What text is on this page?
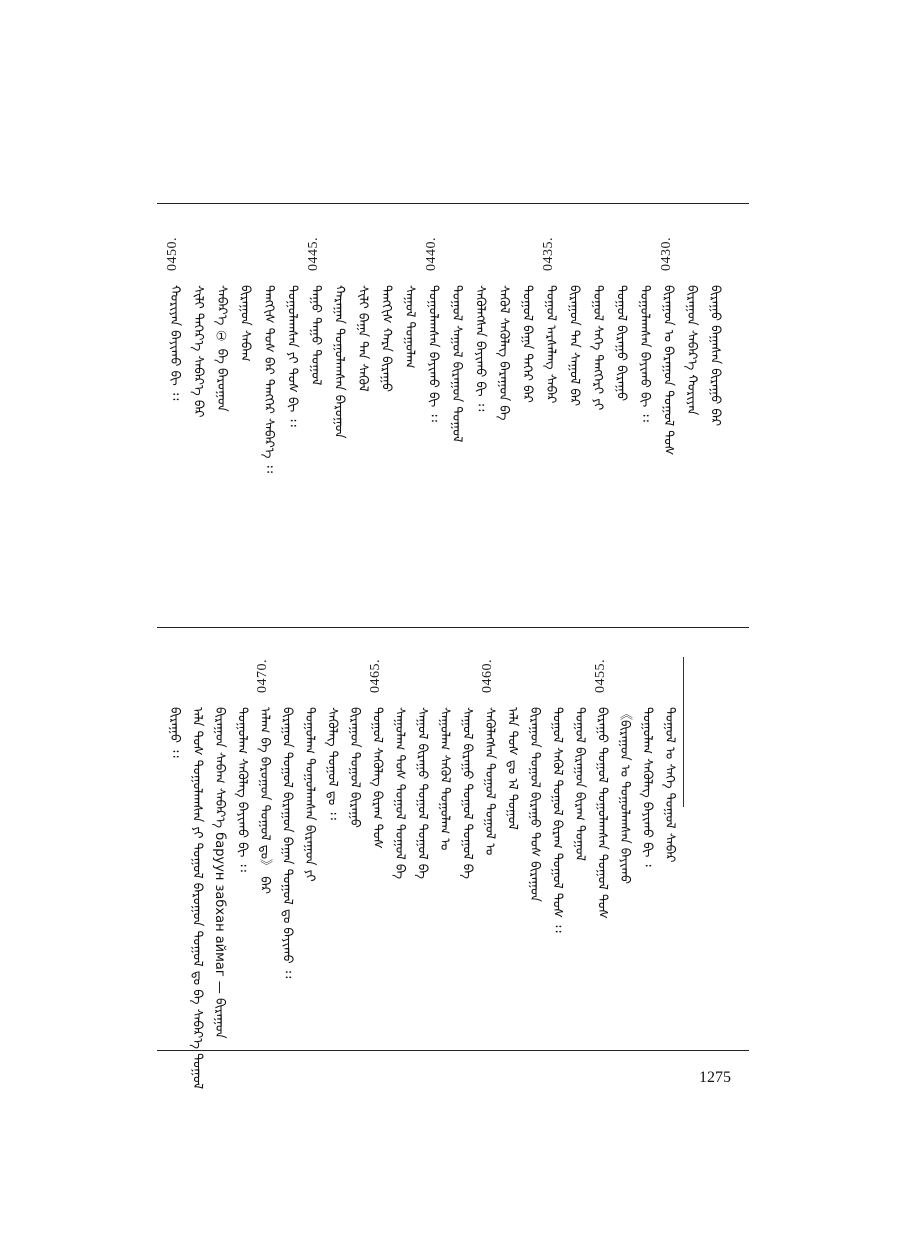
0450.
ᠬᠣᠷᠢᠶᠠᠨ ᠪᠠᠶᠢᠬᠤ ᠪᠢ ᠄᠄ ᠰᠢᠯᠢ ᠳᠡᠭᠡᠷ᠎ᠡ ᠰᠡᠪᠡᠷ᠎ᠡ ᠪᠡᠷ ᠰᠡᠪᠡᠷ᠎ᠡ ① ᠪᠡ ᠪᠠᠷᠤᠭᠤᠨ ᠪᠢᠷᠠᠭᠤᠨ ᠰᠠᠪᠠᠭ ᠲᠡᠩᠭᠢᠰ ᠲᠤᠰ ᠪᠡᠷ ᠲᠡᠩᠭᠡᠷ ᠰᠡᠪᠡᠷ᠎ᠡ ᠄᠄ ᠲᠤᠭᠤᠯᠠᠭᠰᠠᠨ ᠶᠢ ᠲᠤᠰ ᠪᠢ ᠄᠄
0445.
ᠳᠠᠭᠤ ᠳᠠᠭᠤ ᠲᠤᠭᠤᠯ ᠬᠠᠷᠠᠭᠠᠨ ᠲᠤᠭᠤᠯᠠᠭᠰᠠᠨ ᠪᠠᠷᠤᠭᠤᠨ ᠰᠢᠯᠢ ᠪᠠᠭᠠ ᠲᠠᠨ ᠰᠡᠭᠦᠯ ᠲᠡᠩᠭᠢᠰ ᠬᠠᠷᠠ ᠪᠢᠷᠠᠭᠤ ᠰᠠᠭᠤᠯ ᠲᠤᠭᠤᠯᠠᠭ
0440.
ᠲᠤᠭᠤᠯᠠᠭᠰᠠᠨ ᠪᠠᠶᠢᠬᠤ ᠪᠢ ᠄᠄ ᠲᠤᠭᠤᠯ ᠰᠠᠭᠤᠯ ᠪᠢᠷᠠᠭᠤᠨ ᠲᠤᠭᠤᠯ ᠰᠡᠭᠦᠯᠡᠭᠰᠡᠨ ᠪᠠᠶᠢᠬᠤ ᠪᠢ ᠄᠄ ᠰᠡᠭᠦᠯ ᠰᠡᠭᠦᠯᠡᠭ ᠪᠠᠷᠠᠭᠤᠨ ᠪᠡ ᠲᠤᠭᠤᠯ ᠪᠠᠭᠠ ᠲᠡᠭᠡᠷ ᠪᠡᠷ
0435.
ᠲᠤᠭᠤᠯ ᠠᠷᠰᠠᠯᠠᠩ ᠰᠡᠪᠡᠷ ᠪᠢᠷᠠᠭᠤᠨ ᠲᠠᠨ ᠰᠠᠭᠤᠯ ᠪᠡᠷ ᠲᠤᠭᠤᠯ ᠰᠡᠭᠡ ᠲᠡᠩᠭᠡᠷᠢ ᠶᠢ ᠲᠤᠭᠤᠯ ᠪᠢᠷᠠᠭᠤ ᠪᠢᠷᠠᠭᠤ ᠲᠤᠭᠤᠯᠠᠭᠰᠠᠨ ᠪᠠᠶᠢᠬᠤ ᠪᠢ ᠄᠄
0430.
ᠪᠢᠷᠠᠭᠤᠨ ᠤ ᠪᠠᠷᠠᠭᠤᠨ ᠲᠤᠭᠤᠯ ᠲᠤᠰ ᠪᠢᠷᠠᠭᠤᠨ ᠰᠡᠪᠡᠷ᠎ᠡ ᠬᠣᠷᠢᠶᠠᠨ ᠪᠢᠷᠠᠭᠤ ᠪᠠᠭᠠᠰᠠᠨ ᠪᠢᠷᠠᠭᠤ ᠪᠡᠷ
ᠪᠢᠷᠠᠭᠤ ᠄᠄ ᠠᠯᠠ ᠲᠤᠰ ᠲᠤᠭᠤᠯᠠᠭᠰᠠᠨ ᠶᠢ ᠲᠤᠭᠤᠯ ᠪᠠᠷᠤᠭᠤᠨ ᠲᠤᠭᠤᠯ ᠳᠤ ᠪᠡ ᠰᠡᠪᠡᠷ᠎ᠡ ᠲᠤᠭᠤᠯ ᠪᠢᠷᠠᠭᠤᠨ ᠰᠠᠪᠠᠭ ᠰᠡᠪᠡᠷ᠎ᠡ баруун забхан аймаг — ᠪᠢᠷᠠᠭᠤᠨ ᠲᠤᠭᠤᠯᠠᠭ ᠰᠡᠭᠦᠯᠡᠭ ᠪᠠᠶᠢᠬᠤ ᠪᠢ ᠄᠄
0470.
ᠠᠯᠠᠭ ᠪᠡ ᠪᠠᠷᠤᠭᠤᠨ ᠲᠤᠭᠤᠯ ᠳᠤ》 ᠪᠡᠷ ᠪᠢᠷᠠᠭᠤᠨ ᠲᠤᠭᠤᠯ ᠪᠢᠷᠠᠭᠤᠨ ᠪᠠᠭᠠᠨ ᠲᠤᠭᠤᠯ ᠳᠤ ᠪᠠᠶᠢᠬᠤ ᠄᠄ ᠲᠤᠭᠤᠯᠠᠭ ᠲᠤᠭᠤᠯᠠᠭᠰᠠᠨ ᠪᠢᠷᠠᠭᠤᠨ ᠶᠢ ᠰᠡᠭᠦᠯᠡᠭ ᠲᠤᠭᠤᠯ ᠳᠤ ᠄᠄ ᠪᠢᠷᠠᠭᠤᠨ ᠲᠤᠭᠤᠯ ᠪᠢᠷᠠᠭᠤ
0465.
ᠲᠤᠭᠤᠯ ᠰᠡᠭᠦᠯᠡᠭ ᠪᠢᠷᠠᠭ ᠲᠤᠰ ᠰᠠᠭᠤᠯᠠᠭ ᠲᠤᠰ ᠲᠤᠭᠤᠯ ᠲᠤᠭᠤᠯ ᠪᠡ ᠰᠠᠭᠤᠯ ᠪᠢᠷᠠᠭᠤ ᠲᠤᠭᠤᠯ ᠲᠤᠭᠤᠯ ᠪᠡ ᠰᠠᠭᠤᠯᠠᠭ ᠰᠡᠭᠦᠯ ᠲᠤᠭᠤᠯᠠᠭ ᠤ ᠰᠠᠭᠤᠯ ᠪᠢᠷᠠᠭᠤ ᠲᠤᠭᠤᠯ ᠲᠤᠭᠤᠯ ᠪᠡ
0460.
ᠰᠡᠭᠦᠯᠡᠭᠰᠡᠨ ᠲᠤᠭᠤᠯ ᠲᠤᠭᠤᠯ ᠤ ᠠᠯᠠ ᠲᠤᠰ ᠳᠤ ᠡᠯ ᠲᠤᠭᠤᠯ ᠪᠢᠷᠠᠭᠤᠨ ᠲᠤᠭᠤᠯ ᠪᠢᠷᠠᠭᠤ ᠲᠤᠰ ᠪᠢᠷᠠᠭᠤᠨ ᠲᠤᠭᠤᠯ ᠰᠡᠭᠦᠯ ᠲᠤᠭᠤᠯ ᠪᠢᠷᠠᠭ ᠲᠤᠭᠤᠯ ᠲᠤᠰ ᠄᠄ ᠲᠤᠭᠤᠯ ᠪᠢᠷᠠᠭᠤᠨ ᠪᠢᠷᠠᠭ ᠲᠤᠭᠤᠯ
0455.
ᠪᠢᠷᠠᠭᠤ ᠲᠤᠭᠤᠯ ᠲᠤᠭᠤᠯᠠᠭᠰᠠᠨ ᠲᠤᠭᠤᠯ ᠲᠤᠰ 《ᠪᠢᠷᠠᠭᠤᠨ ᠤ ᠲᠤᠭᠤᠯᠠᠭᠰᠠᠨ ᠪᠠᠶᠢᠬᠤ ᠲᠤᠭᠤᠯᠠᠭ ᠰᠡᠭᠦᠯᠡᠭ ᠪᠠᠶᠢᠬᠤ ᠪᠢ ᠄ ᠲᠤᠭᠤᠯ ᠤ ᠰᠡᠭᠡ ᠲᠤᠭᠤᠯ ᠰᠡᠪᠡᠷ
1275
